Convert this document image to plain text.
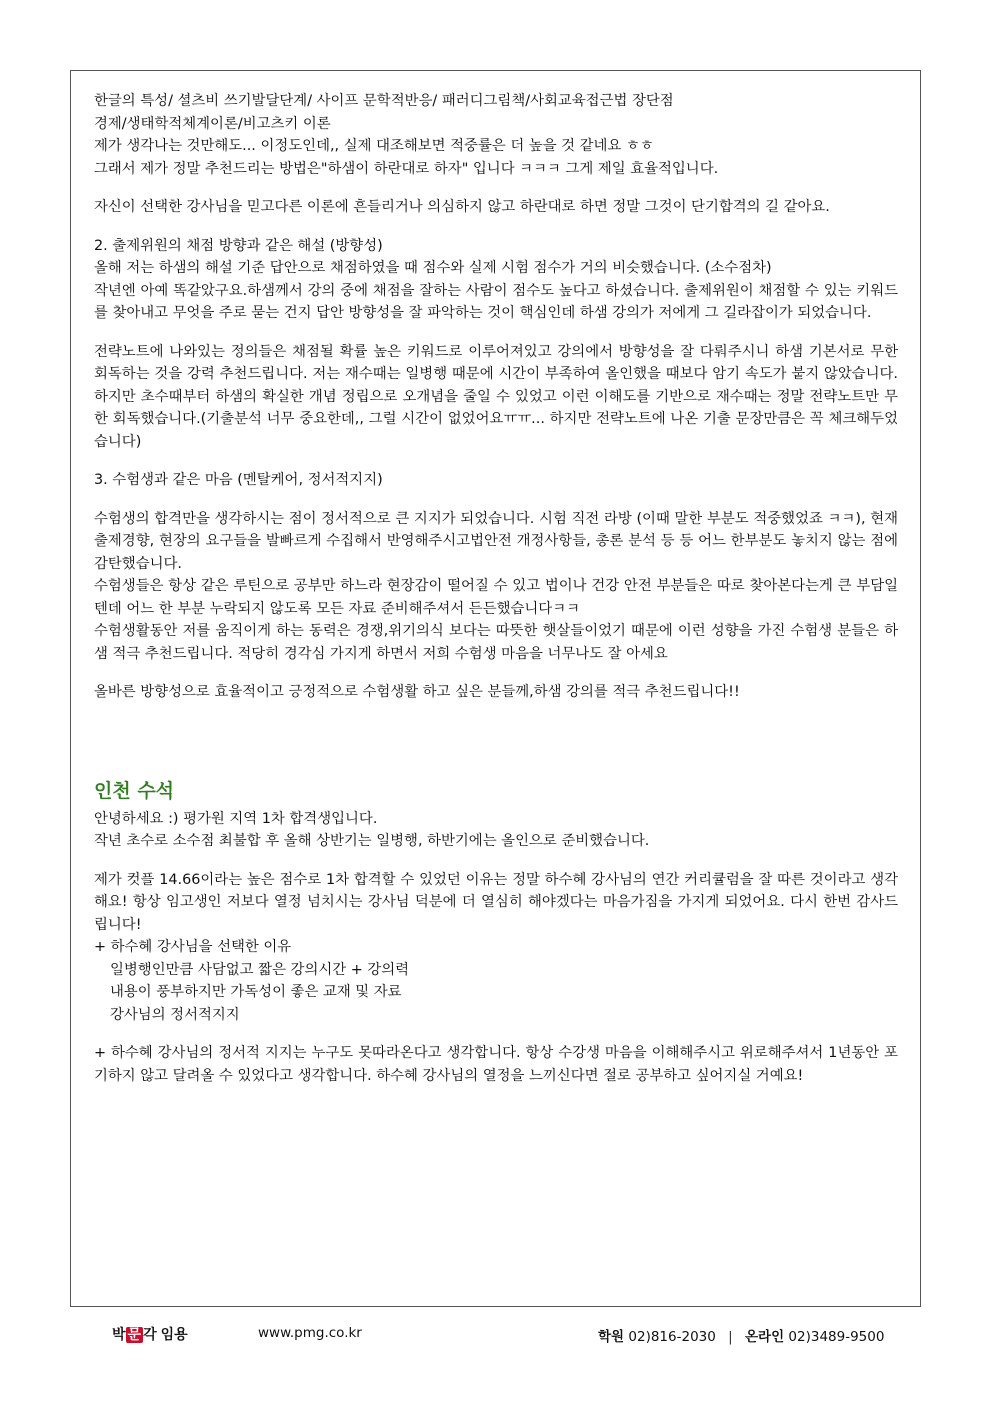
한글의 특성/ 셜츠비 쓰기발달단계/ 사이프 문학적반응/ 패러디그림책/사회교육접근법 장단점

경제/생태학적체계이론/비고츠키 이론

제가 생각나는 것만해도... 이정도인데,, 실제 대조해보면 적중률은 더 높을 것 같네요 ㅎㅎ

그래서 제가 정말 추천드리는 방법은"하샘이 하란대로 하자" 입니다 ㅋㅋㅋ 그게 제일 효율적입니다.

자신이 선택한 강사님을 믿고다른 이론에 흔들리거나 의심하지 않고 하란대로 하면 정말 그것이 단기합격의 길 같아요.

2. 출제위원의 채점 방향과 같은 해설 (방향성)

올해 저는 하샘의 해설 기준 답안으로 채점하였을 때 점수와 실제 시험 점수가 거의 비슷했습니다. (소수점차)

작년엔 아예 똑같았구요.하샘께서 강의 중에 채점을 잘하는 사람이 점수도 높다고 하셨습니다. 출제위원이 채점할 수 있는 키워드를 찾아내고 무엇을 주로 묻는 건지 답안 방향성을 잘 파악하는 것이 핵심인데 하샘 강의가 저에게 그 길라잡이가 되었습니다.

전략노트에 나와있는 정의들은 채점될 확률 높은 키워드로 이루어져있고 강의에서 방향성을 잘 다뤄주시니 하샘 기본서로 무한 회독하는 것을 강력 추천드립니다. 저는 재수때는 일병행 때문에 시간이 부족하여 올인했을 때보다 암기 속도가 붙지 않았습니다. 하지만 초수때부터 하샘의 확실한 개념 정립으로 오개념을 줄일 수 있었고 이런 이해도를 기반으로 재수때는 정말 전략노트만 무한 회독했습니다.(기출분석 너무 중요한데,, 그럴 시간이 없었어요ㅠㅠ... 하지만 전략노트에 나온 기출 문장만큼은 꼭 체크해두었습니다)

3. 수험생과 같은 마음 (멘탈케어, 정서적지지)

수험생의 합격만을 생각하시는 점이 정서적으로 큰 지지가 되었습니다. 시험 직전 라방 (이때 말한 부분도 적중했었죠 ㅋㅋ), 현재 출제경향, 현장의 요구들을 발빠르게 수집해서 반영해주시고법안전 개정사항들, 총론 분석 등 등 어느 한부분도 놓치지 않는 점에 감탄했습니다.

수험생들은 항상 같은 루틴으로 공부만 하느라 현장감이 떨어질 수 있고 법이나 건강 안전 부분들은 따로 찾아본다는게 큰 부담일텐데 어느 한 부분 누락되지 않도록 모든 자료 준비해주셔서 든든했습니다ㅋㅋ

수험생활동안 저를 움직이게 하는 동력은 경쟁,위기의식 보다는 따뜻한 햇살들이었기 때문에 이런 성향을 가진 수험생 분들은 하샘 적극 추천드립니다. 적당히 경각심 가지게 하면서 저희 수험생 마음을 너무나도 잘 아세요

올바른 방향성으로 효율적이고 긍정적으로 수험생활 하고 싶은 분들께,하샘 강의를 적극 추천드립니다!!

인천 수석

안녕하세요 :) 평가원 지역 1차 합격생입니다.

작년 초수로 소수점 최불합 후 올해 상반기는 일병행, 하반기에는 올인으로 준비했습니다.

제가 컷플 14.66이라는 높은 점수로 1차 합격할 수 있었던 이유는 정말 하수혜 강사님의 연간 커리큘럼을 잘 따른 것이라고 생각해요! 항상 임고생인 저보다 열정 넘치시는 강사님 덕분에 더 열심히 해야겠다는 마음가짐을 가지게 되었어요. 다시 한번 감사드립니다!

+ 하수혜 강사님을 선택한 이유

일병행인만큼 사담없고 짧은 강의시간 + 강의력

내용이 풍부하지만 가독성이 좋은 교재 및 자료

강사님의 정서적지지

+ 하수혜 강사님의 정서적 지지는 누구도 못따라온다고 생각합니다. 항상 수강생 마음을 이해해주시고 위로해주셔서 1년동안 포기하지 않고 달려올 수 있었다고 생각합니다. 하수혜 강사님의 열정을 느끼신다면 절로 공부하고 싶어지실 거예요!

박 문 각 임용	www.pmg.co.kr	학원 02)816-2030 | 온라인 02)3489-9500
